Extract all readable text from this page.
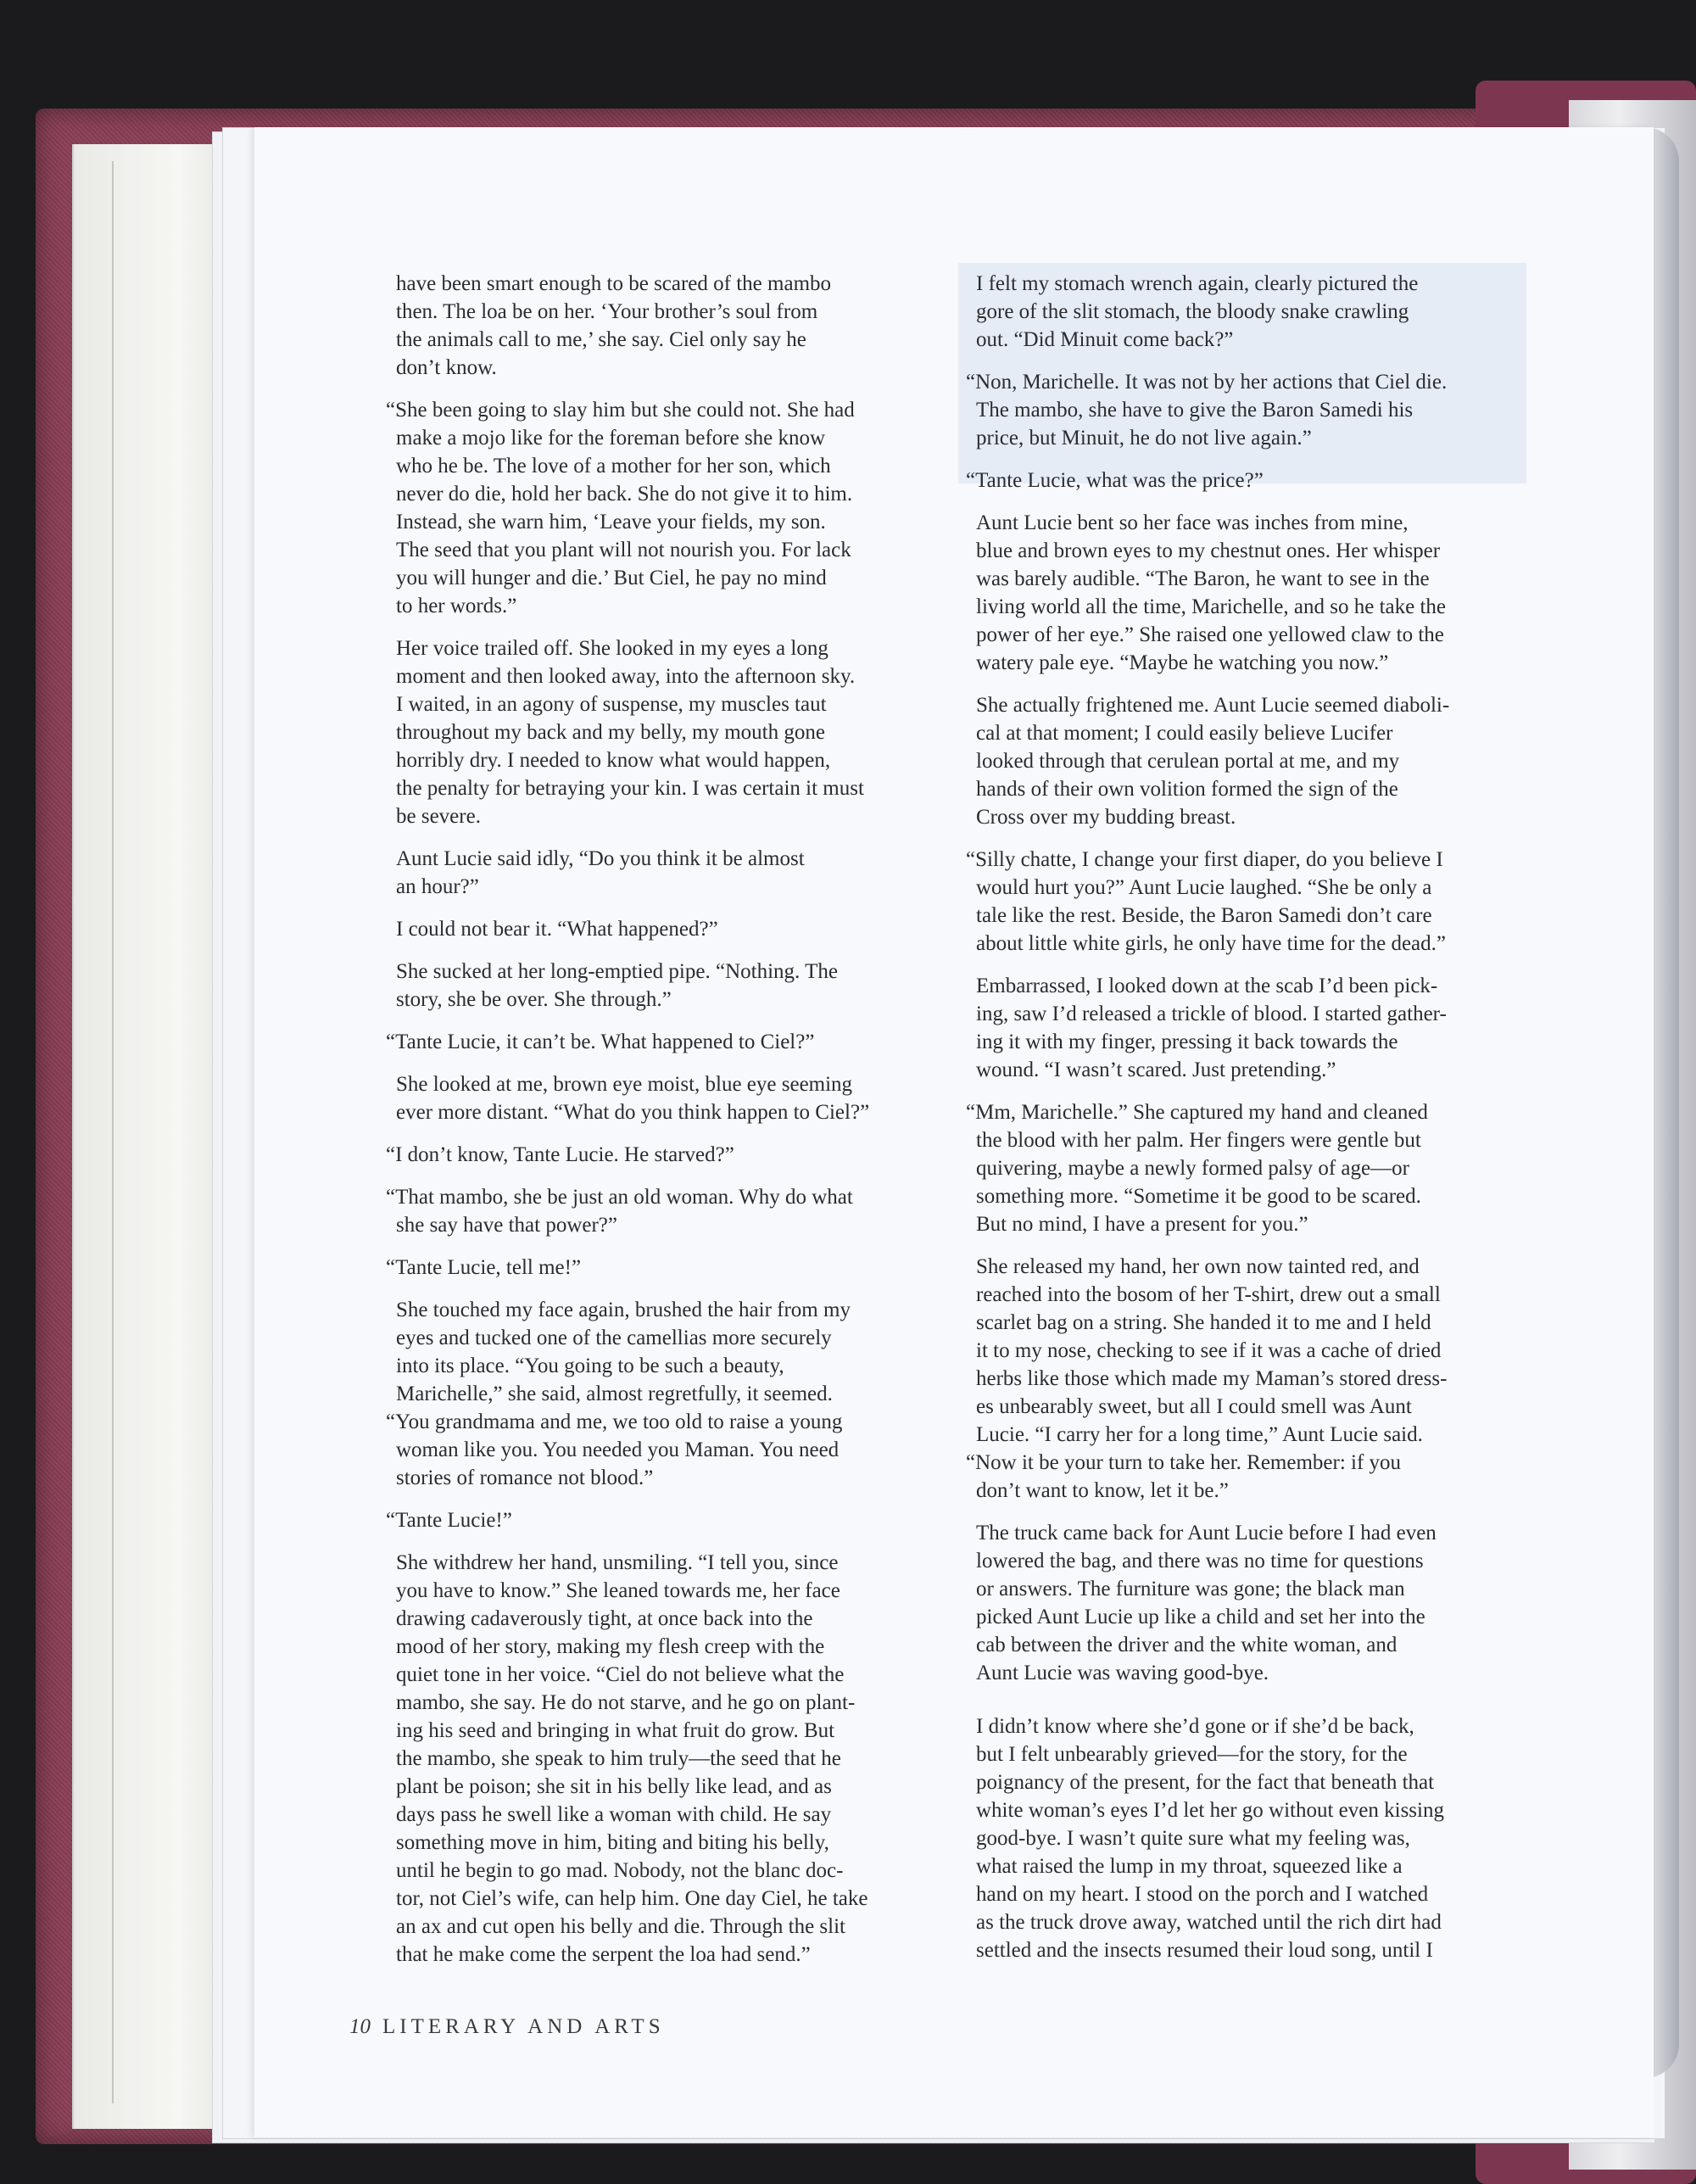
have been smart enough to be scared of the mambo
then. The loa be on her. ‘Your brother’s soul from
the animals call to me,’ she say. Ciel only say he
don’t know.

“She been going to slay him but she could not. She had
make a mojo like for the foreman before she know
who he be. The love of a mother for her son, which
never do die, hold her back. She do not give it to him.
Instead, she warn him, ‘Leave your fields, my son.
The seed that you plant will not nourish you. For lack
you will hunger and die.’ But Ciel, he pay no mind
to her words.”

Her voice trailed off. She looked in my eyes a long
moment and then looked away, into the afternoon sky.
I waited, in an agony of suspense, my muscles taut
throughout my back and my belly, my mouth gone
horribly dry. I needed to know what would happen,
the penalty for betraying your kin. I was certain it must
be severe.

Aunt Lucie said idly, “Do you think it be almost
an hour?”

I could not bear it. “What happened?”

She sucked at her long-emptied pipe. “Nothing. The
story, she be over. She through.”

“Tante Lucie, it can’t be. What happened to Ciel?”

She looked at me, brown eye moist, blue eye seeming
ever more distant. “What do you think happen to Ciel?”

“I don’t know, Tante Lucie. He starved?”

“That mambo, she be just an old woman. Why do what
she say have that power?”

“Tante Lucie, tell me!”

She touched my face again, brushed the hair from my
eyes and tucked one of the camellias more securely
into its place. “You going to be such a beauty,
Marichelle,” she said, almost regretfully, it seemed.

“You grandmama and me, we too old to raise a young
woman like you. You needed you Maman. You need
stories of romance not blood.”

“Tante Lucie!”

She withdrew her hand, unsmiling. “I tell you, since
you have to know.” She leaned towards me, her face
drawing cadaverously tight, at once back into the
mood of her story, making my flesh creep with the
quiet tone in her voice. “Ciel do not believe what the
mambo, she say. He do not starve, and he go on plant-
ing his seed and bringing in what fruit do grow. But
the mambo, she speak to him truly—the seed that he
plant be poison; she sit in his belly like lead, and as
days pass he swell like a woman with child. He say
something move in him, biting and biting his belly,
until he begin to go mad. Nobody, not the blanc doc-
tor, not Ciel’s wife, can help him. One day Ciel, he take
an ax and cut open his belly and die. Through the slit
that he make come the serpent the loa had send.”

I felt my stomach wrench again, clearly pictured the
gore of the slit stomach, the bloody snake crawling
out. “Did Minuit come back?”

“Non, Marichelle. It was not by her actions that Ciel die.
The mambo, she have to give the Baron Samedi his
price, but Minuit, he do not live again.”

“Tante Lucie, what was the price?”

Aunt Lucie bent so her face was inches from mine,
blue and brown eyes to my chestnut ones. Her whisper
was barely audible. “The Baron, he want to see in the
living world all the time, Marichelle, and so he take the
power of her eye.” She raised one yellowed claw to the
watery pale eye. “Maybe he watching you now.”

She actually frightened me. Aunt Lucie seemed diaboli-
cal at that moment; I could easily believe Lucifer
looked through that cerulean portal at me, and my
hands of their own volition formed the sign of the
Cross over my budding breast.

“Silly chatte, I change your first diaper, do you believe I
would hurt you?” Aunt Lucie laughed. “She be only a
tale like the rest. Beside, the Baron Samedi don’t care
about little white girls, he only have time for the dead.”

Embarrassed, I looked down at the scab I’d been pick-
ing, saw I’d released a trickle of blood. I started gather-
ing it with my finger, pressing it back towards the
wound. “I wasn’t scared. Just pretending.”

“Mm, Marichelle.” She captured my hand and cleaned
the blood with her palm. Her fingers were gentle but
quivering, maybe a newly formed palsy of age—or
something more. “Sometime it be good to be scared.
But no mind, I have a present for you.”

She released my hand, her own now tainted red, and
reached into the bosom of her T-shirt, drew out a small
scarlet bag on a string. She handed it to me and I held
it to my nose, checking to see if it was a cache of dried
herbs like those which made my Maman’s stored dress-
es unbearably sweet, but all I could smell was Aunt
Lucie. “I carry her for a long time,” Aunt Lucie said.

“Now it be your turn to take her. Remember: if you
don’t want to know, let it be.”

The truck came back for Aunt Lucie before I had even
lowered the bag, and there was no time for questions
or answers. The furniture was gone; the black man
picked Aunt Lucie up like a child and set her into the
cab between the driver and the white woman, and
Aunt Lucie was waving good-bye.

I didn’t know where she’d gone or if she’d be back,
but I felt unbearably grieved—for the story, for the
poignancy of the present, for the fact that beneath that
white woman’s eyes I’d let her go without even kissing
good-bye. I wasn’t quite sure what my feeling was,
what raised the lump in my throat, squeezed like a
hand on my heart. I stood on the porch and I watched
as the truck drove away, watched until the rich dirt had
settled and the insects resumed their loud song, until I

10 LITERARY AND ARTS
